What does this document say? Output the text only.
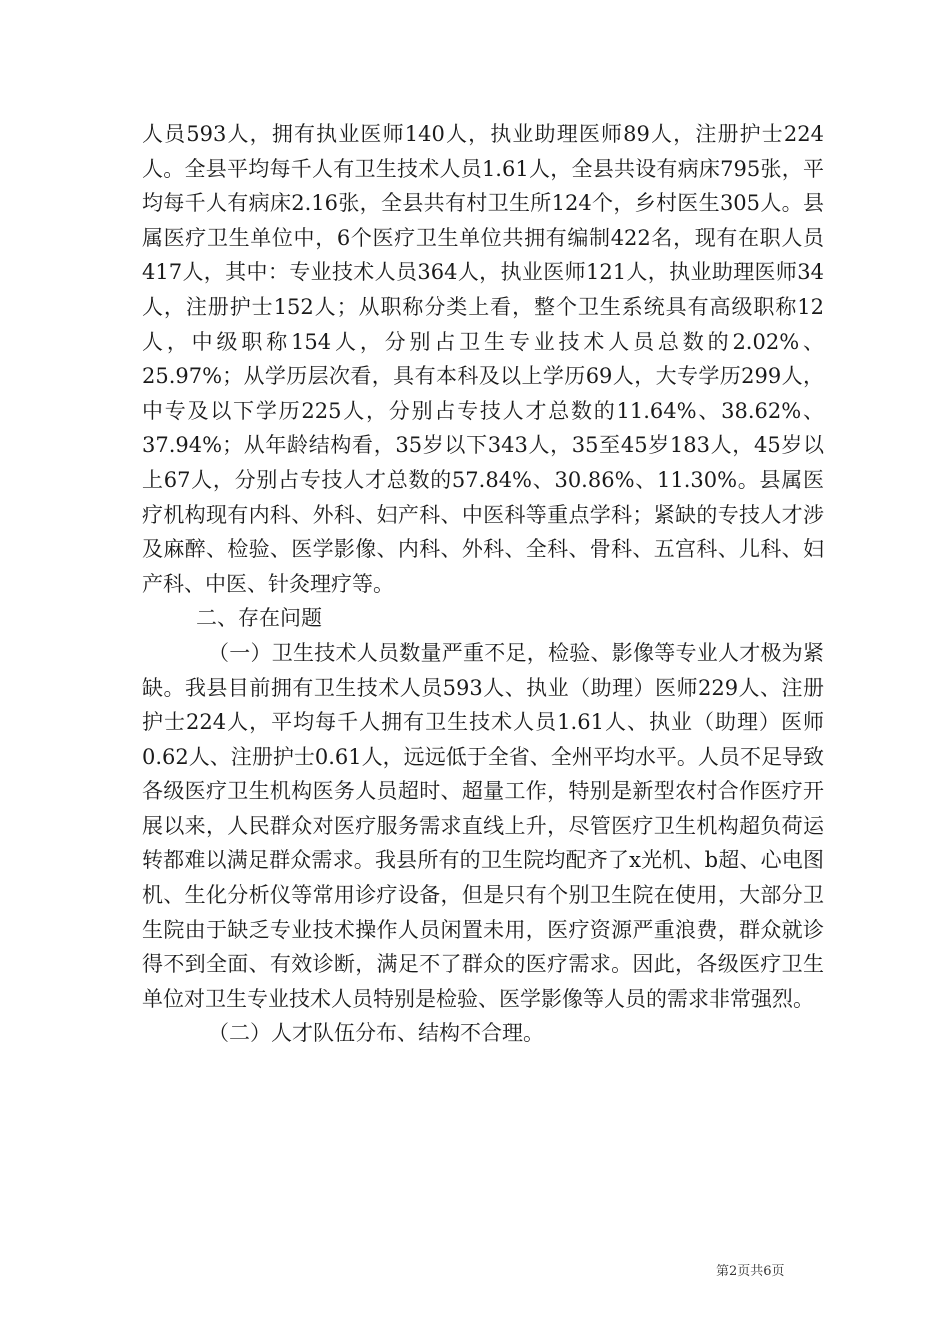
人员593人，拥有执业医师140人，执业助理医师89人，注册护士224人。全县平均每千人有卫生技术人员1.61人，全县共设有病床795张，平均每千人有病床2.16张，全县共有村卫生所124个，乡村医生305人。县属医疗卫生单位中，6个医疗卫生单位共拥有编制422名，现有在职人员417人，其中：专业技术人员364人，执业医师121人，执业助理医师34人，注册护士152人；从职称分类上看，整个卫生系统具有高级职称12人，中级职称154人，分别占卫生专业技术人员总数的2.02%、25.97%；从学历层次看，具有本科及以上学历69人，大专学历299人，中专及以下学历225人，分别占专技人才总数的11.64%、38.62%、37.94%；从年龄结构看，35岁以下343人，35至45岁183人，45岁以上67人，分别占专技人才总数的57.84%、30.86%、11.30%。县属医疗机构现有内科、外科、妇产科、中医科等重点学科；紧缺的专技人才涉及麻醉、检验、医学影像、内科、外科、全科、骨科、五宫科、儿科、妇产科、中医、针灸理疗等。

二、存在问题

（一）卫生技术人员数量严重不足，检验、影像等专业人才极为紧缺。我县目前拥有卫生技术人员593人、执业（助理）医师229人、注册护士224人，平均每千人拥有卫生技术人员1.61人、执业（助理）医师0.62人、注册护士0.61人，远远低于全省、全州平均水平。人员不足导致各级医疗卫生机构医务人员超时、超量工作，特别是新型农村合作医疗开展以来，人民群众对医疗服务需求直线上升，尽管医疗卫生机构超负荷运转都难以满足群众需求。我县所有的卫生院均配齐了x光机、b超、心电图机、生化分析仪等常用诊疗设备，但是只有个别卫生院在使用，大部分卫生院由于缺乏专业技术操作人员闲置未用，医疗资源严重浪费，群众就诊得不到全面、有效诊断，满足不了群众的医疗需求。因此，各级医疗卫生单位对卫生专业技术人员特别是检验、医学影像等人员的需求非常强烈。

（二）人才队伍分布、结构不合理。

第2页共6页
